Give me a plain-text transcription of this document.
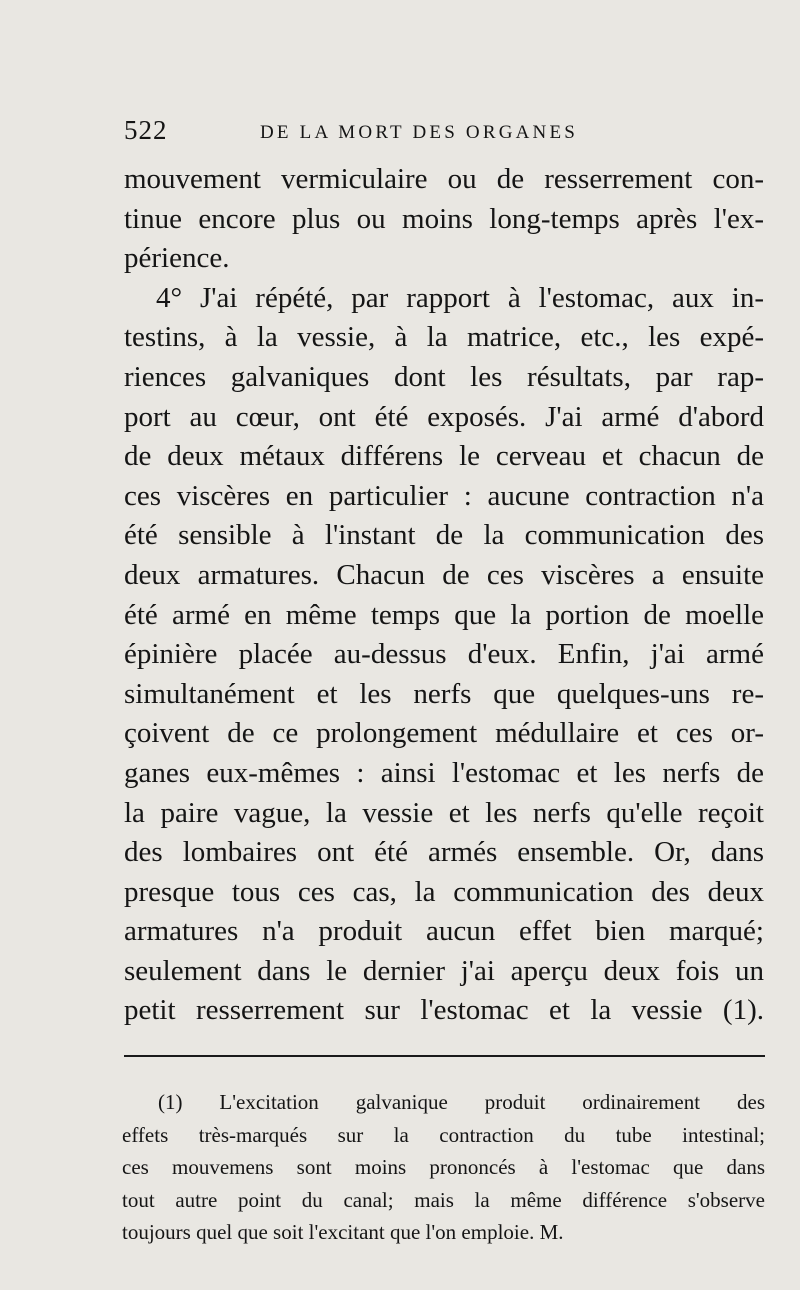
522	DE LA MORT DES ORGANES
mouvement vermiculaire ou de resserrement con-
tinue encore plus ou moins long-temps après l'ex-
périence.
4° J'ai répété, par rapport à l'estomac, aux in-
testins, à la vessie, à la matrice, etc., les expé-
riences galvaniques dont les résultats, par rap-
port au cœur, ont été exposés. J'ai armé d'abord
de deux métaux différens le cerveau et chacun de
ces viscères en particulier : aucune contraction n'a
été sensible à l'instant de la communication des
deux armatures. Chacun de ces viscères a ensuite
été armé en même temps que la portion de moelle
épinière placée au-dessus d'eux. Enfin, j'ai armé
simultanément et les nerfs que quelques-uns re-
çoivent de ce prolongement médullaire et ces or-
ganes eux-mêmes : ainsi l'estomac et les nerfs de
la paire vague, la vessie et les nerfs qu'elle reçoit
des lombaires ont été armés ensemble. Or, dans
presque tous ces cas, la communication des deux
armatures n'a produit aucun effet bien marqué;
seulement dans le dernier j'ai aperçu deux fois un
petit resserrement sur l'estomac et la vessie (1).
(1) L'excitation galvanique produit ordinairement des
effets très-marqués sur la contraction du tube intestinal;
ces mouvemens sont moins prononcés à l'estomac que dans
tout autre point du canal; mais la même différence s'observe
toujours quel que soit l'excitant que l'on emploie. M.
